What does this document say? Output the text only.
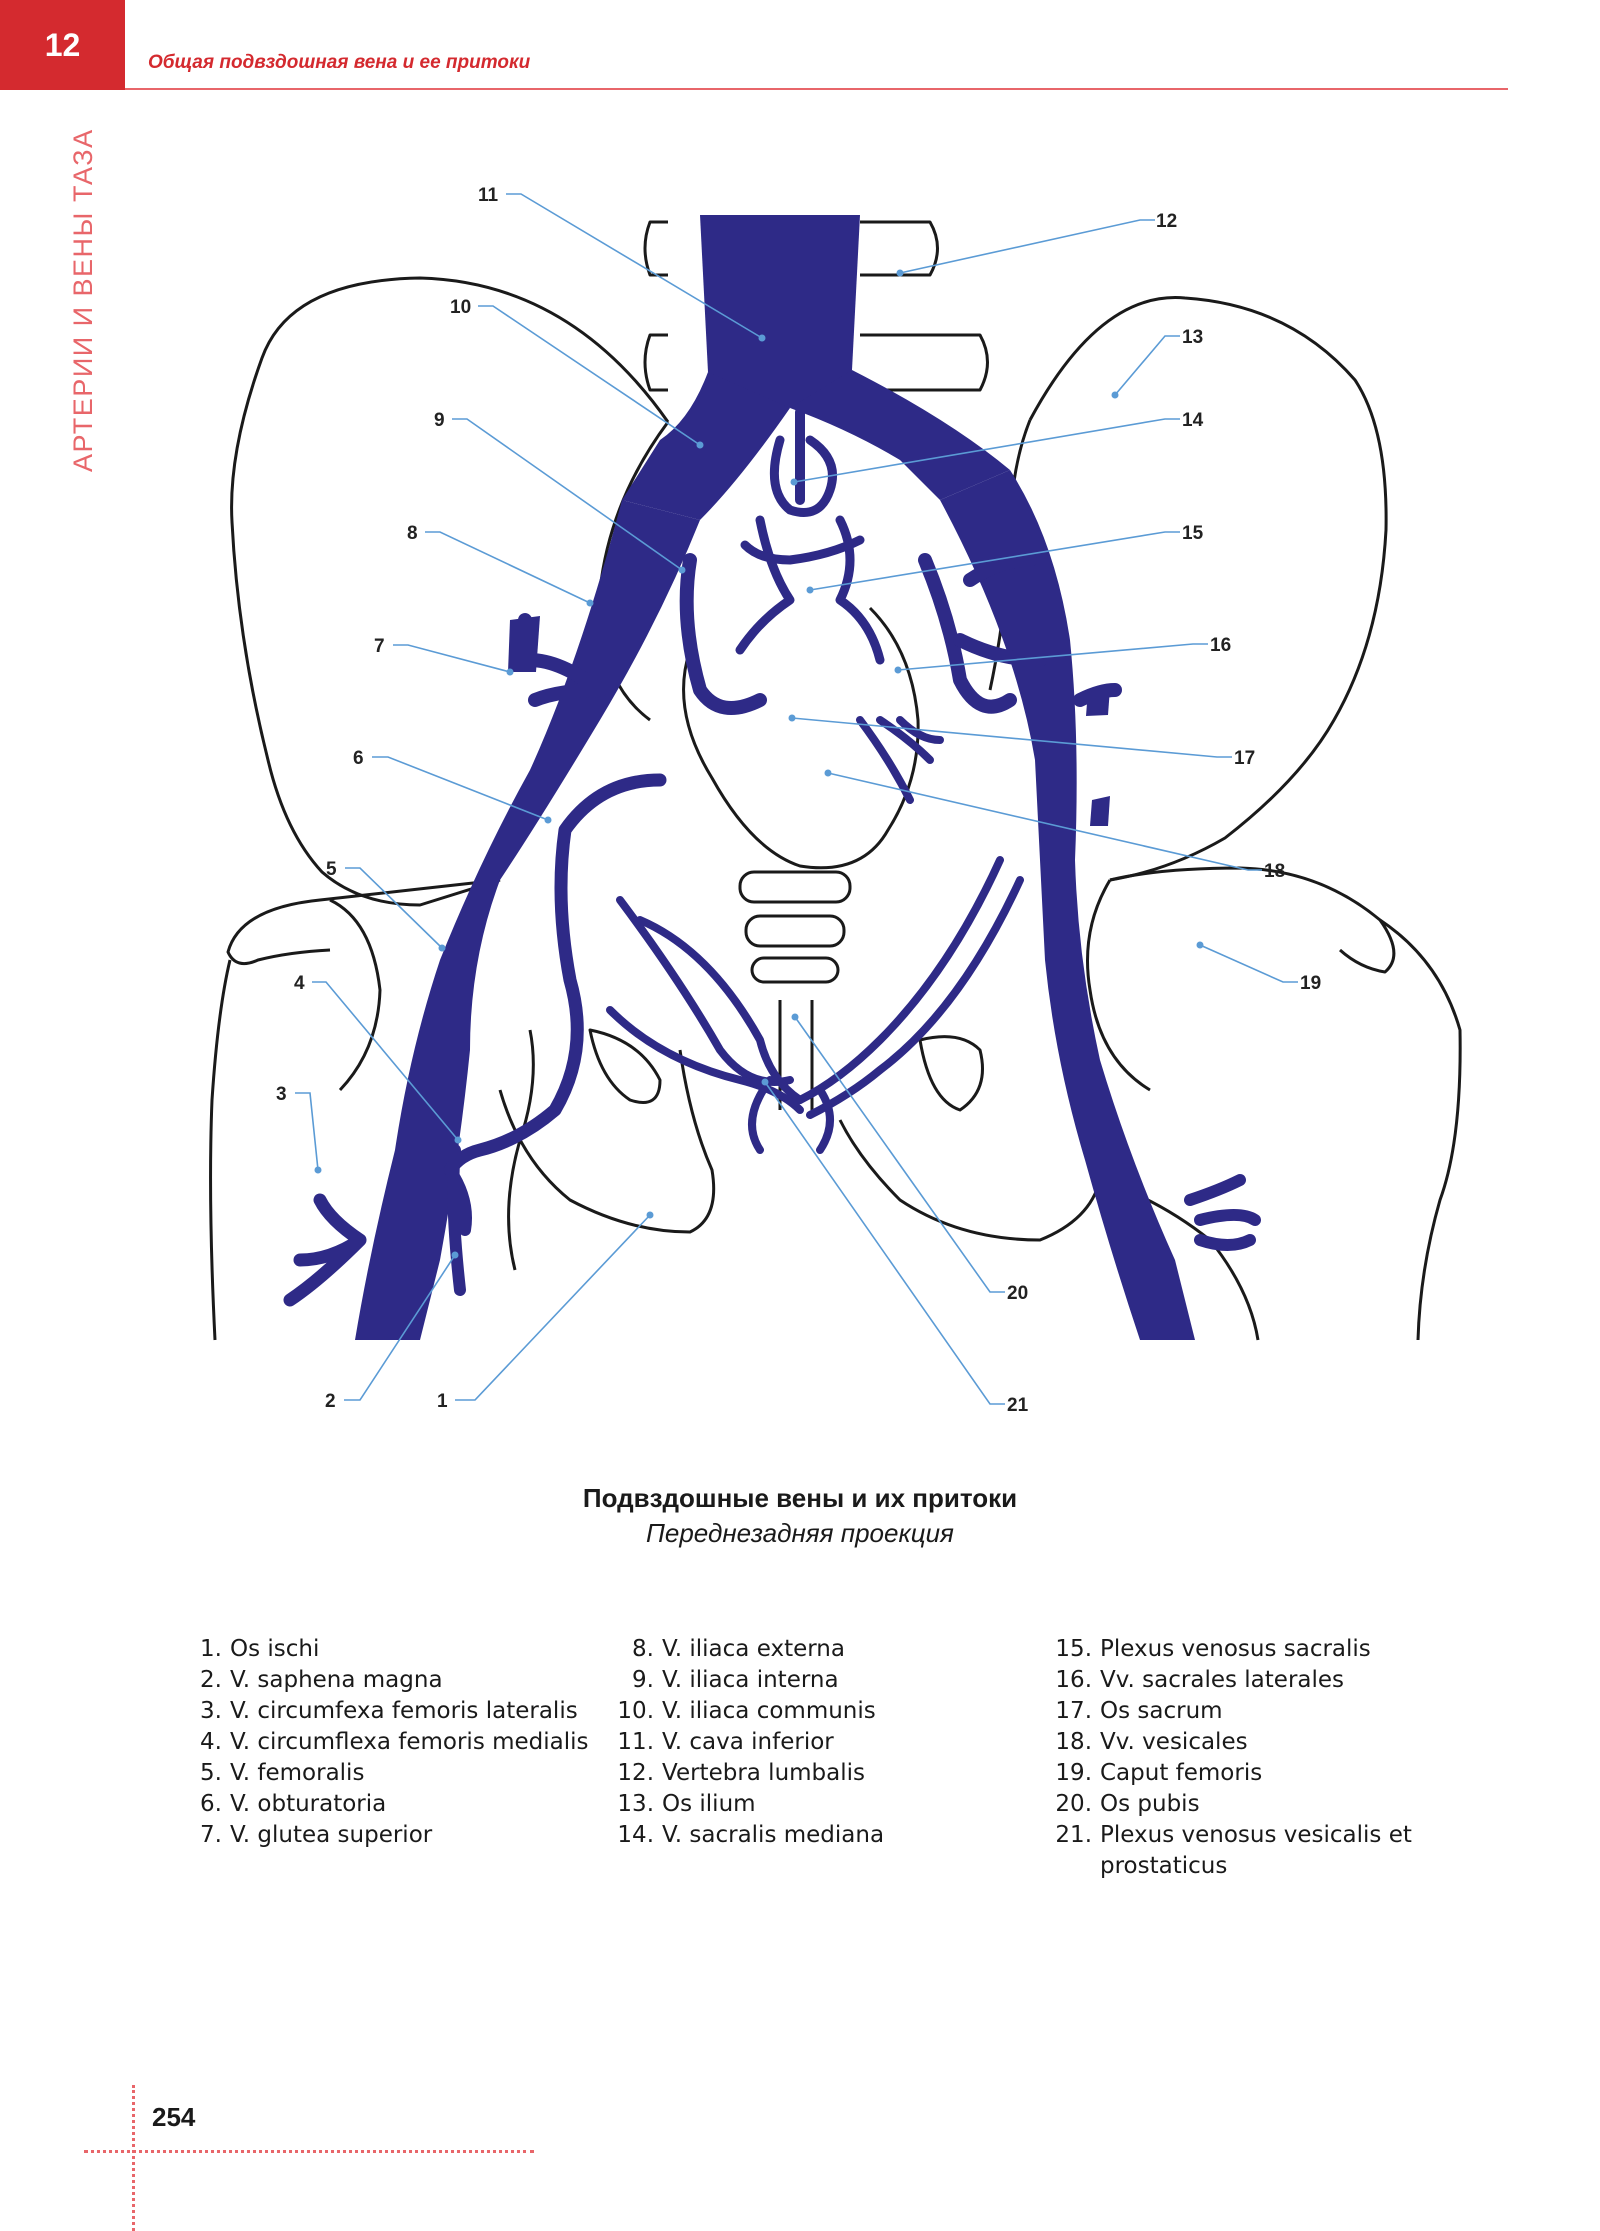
12	Общая подвздошная вена и ее притоки
АРТЕРИИ И ВЕНЫ ТАЗА
1
2
3
4
5
6
7
8
9
10
11
12
13
14
15
16
17
18
19
20
21
Подвздошные вены и их притоки
Переднезадняя проекция
1. Os ischi
2. V. saphena magna
3. V. circumfexa femoris lateralis
4. V. circumflexa femoris medialis
5. V. femoralis
6. V. obturatoria
7. V. glutea superior
8. V. iliaca externa
9. V. iliaca interna
10. V. iliaca communis
11. V. cava inferior
12. Vertebra lumbalis
13. Os ilium
14. V. sacralis mediana
15. Plexus venosus sacralis
16. Vv. sacrales laterales
17. Os sacrum
18. Vv. vesicales
19. Caput femoris
20. Os pubis
21. Plexus venosus vesicalis et
prostaticus
254
